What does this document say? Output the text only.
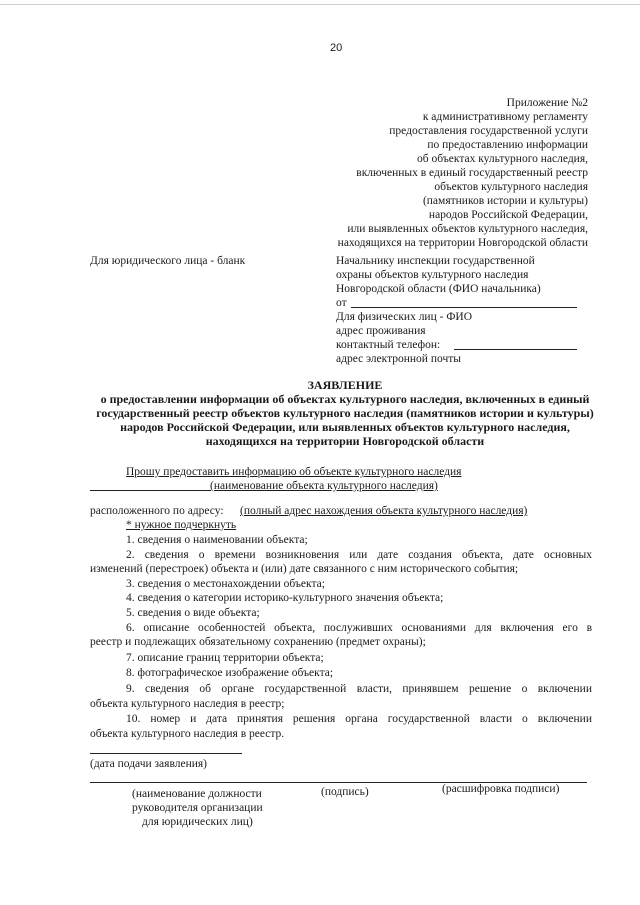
20
Приложение №2
к административному регламенту
предоставления государственной услуги
по предоставлению информации
об объектах культурного наследия,
включенных в единый государственный реестр
объектов культурного наследия
(памятников истории и культуры)
народов Российской Федерации,
или выявленных объектов культурного наследия,
находящихся на территории Новгородской области
Для юридического лица - бланк	Начальнику инспекции государственной
охраны объектов культурного наследия
Новгородской области (ФИО начальника)
от
Для физических лиц - ФИО
адрес проживания
контактный телефон:
адрес электронной почты
ЗАЯВЛЕНИЕ
о предоставлении информации об объектах культурного наследия, включенных в единый государственный реестр объектов культурного наследия (памятников истории и культуры) народов Российской Федерации, или выявленных объектов культурного наследия, находящихся на территории Новгородской области
Прошу предоставить информацию об объекте культурного наследия
(наименование объекта культурного наследия)
расположенного по адресу: (полный адрес нахождения объекта культурного наследия)
* нужное подчеркнуть
1. сведения о наименовании объекта;
2. сведения о времени возникновения или дате создания объекта, дате основных
изменений (перестроек) объекта и (или) дате связанного с ним исторического события;
3. сведения о местонахождении объекта;
4. сведения о категории историко-культурного значения объекта;
5. сведения о виде объекта;
6. описание особенностей объекта, послуживших основаниями для включения его в
реестр и подлежащих обязательному сохранению (предмет охраны);
7. описание границ территории объекта;
8. фотографическое изображение объекта;
9. сведения об органе государственной власти, принявшем решение о включении
объекта культурного наследия в реестр;
10. номер и дата принятия решения органа государственной власти о включении
объекта культурного наследия в реестр.
(дата подачи заявления)
(наименование должности
руководителя организации
для юридических лиц)
(подпись)	(расшифровка подписи)
